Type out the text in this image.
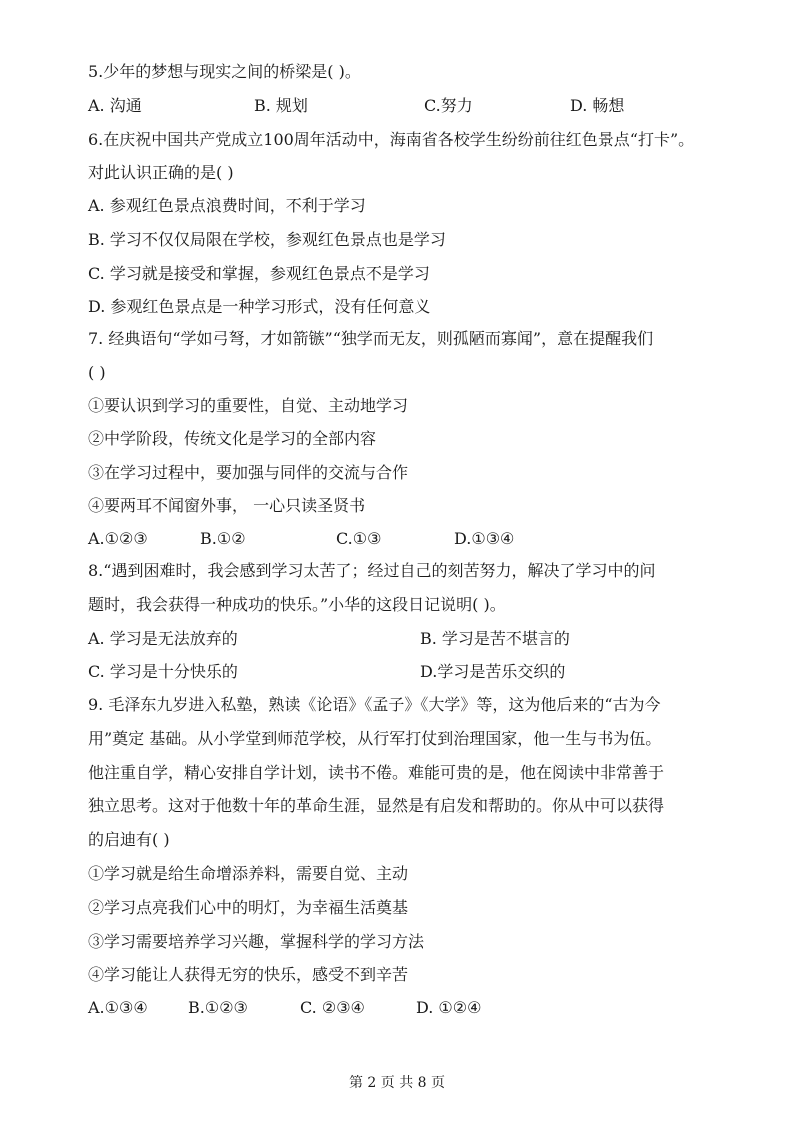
5.少年的梦想与现实之间的桥梁是( )。
A. 沟通	B. 规划	C.努力	D. 畅想
6.在庆祝中国共产党成立100周年活动中，海南省各校学生纷纷前往红色景点“打卡”。
对此认识正确的是( )
A. 参观红色景点浪费时间，不利于学习
B. 学习不仅仅局限在学校，参观红色景点也是学习
C. 学习就是接受和掌握，参观红色景点不是学习
D. 参观红色景点是一种学习形式，没有任何意义
7. 经典语句“学如弓弩，才如箭镞”“独学而无友，则孤陋而寡闻”，意在提醒我们
( )
①要认识到学习的重要性，自觉、主动地学习
②中学阶段，传统文化是学习的全部内容
③在学习过程中，要加强与同伴的交流与合作
④要两耳不闻窗外事， 一心只读圣贤书
A.①②③	B.①②	C.①③	D.①③④
8.“遇到困难时，我会感到学习太苦了；经过自己的刻苦努力，解决了学习中的问
题时，我会获得一种成功的快乐。”小华的这段日记说明( )。
A. 学习是无法放弃的	B. 学习是苦不堪言的
C. 学习是十分快乐的	D.学习是苦乐交织的
9. 毛泽东九岁进入私塾，熟读《论语》《孟子》《大学》等，这为他后来的“古为今
用”奠定 基础。从小学堂到师范学校，从行军打仗到治理国家，他一生与书为伍。
他注重自学，精心安排自学计划，读书不倦。难能可贵的是，他在阅读中非常善于
独立思考。这对于他数十年的革命生涯，显然是有启发和帮助的。你从中可以获得
的启迪有( )
①学习就是给生命增添养料，需要自觉、主动
②学习点亮我们心中的明灯，为幸福生活奠基
③学习需要培养学习兴趣，掌握科学的学习方法
④学习能让人获得无穷的快乐，感受不到辛苦
A.①③④	B.①②③	C. ②③④	D. ①②④
第 2 页 共 8 页
